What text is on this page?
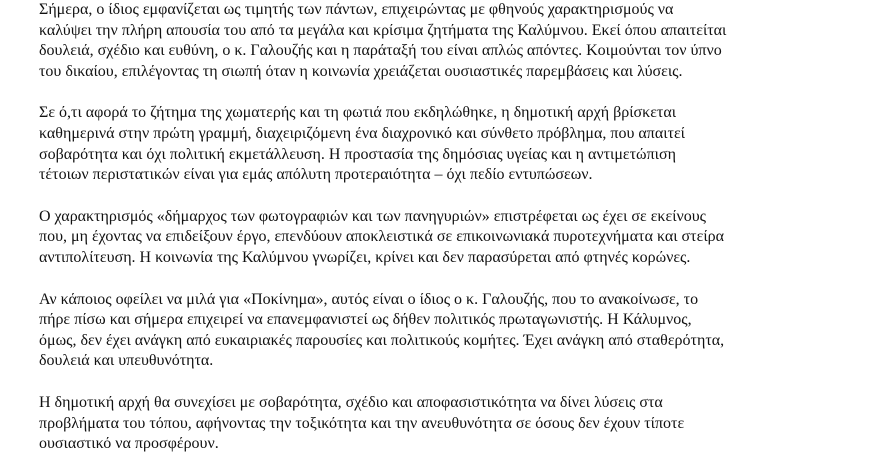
Σήμερα, ο ίδιος εμφανίζεται ως τιμητής των πάντων, επιχειρώντας με φθηνούς χαρακτηρισμούς να
καλύψει την πλήρη απουσία του από τα μεγάλα και κρίσιμα ζητήματα της Καλύμνου. Εκεί όπου απαιτείται
δουλειά, σχέδιο και ευθύνη, ο κ. Γαλουζής και η παράταξή του είναι απλώς απόντες. Κοιμούνται τον ύπνο
του δικαίου, επιλέγοντας τη σιωπή όταν η κοινωνία χρειάζεται ουσιαστικές παρεμβάσεις και λύσεις.

Σε ό,τι αφορά το ζήτημα της χωματερής και τη φωτιά που εκδηλώθηκε, η δημοτική αρχή βρίσκεται
καθημερινά στην πρώτη γραμμή, διαχειριζόμενη ένα διαχρονικό και σύνθετο πρόβλημα, που απαιτεί
σοβαρότητα και όχι πολιτική εκμετάλλευση. Η προστασία της δημόσιας υγείας και η αντιμετώπιση
τέτοιων περιστατικών είναι για εμάς απόλυτη προτεραιότητα – όχι πεδίο εντυπώσεων.

Ο χαρακτηρισμός «δήμαρχος των φωτογραφιών και των πανηγυριών» επιστρέφεται ως έχει σε εκείνους
που, μη έχοντας να επιδείξουν έργο, επενδύουν αποκλειστικά σε επικοινωνιακά πυροτεχνήματα και στείρα
αντιπολίτευση. Η κοινωνία της Καλύμνου γνωρίζει, κρίνει και δεν παρασύρεται από φτηνές κορώνες.

Αν κάποιος οφείλει να μιλά για «Ποκίνημα», αυτός είναι ο ίδιος ο κ. Γαλουζής, που το ανακοίνωσε, το
πήρε πίσω και σήμερα επιχειρεί να επανεμφανιστεί ως δήθεν πολιτικός πρωταγωνιστής. Η Κάλυμνος,
όμως, δεν έχει ανάγκη από ευκαιριακές παρουσίες και πολιτικούς κομήτες. Έχει ανάγκη από σταθερότητα,
δουλειά και υπευθυνότητα.

Η δημοτική αρχή θα συνεχίσει με σοβαρότητα, σχέδιο και αποφασιστικότητα να δίνει λύσεις στα
προβλήματα του τόπου, αφήνοντας την τοξικότητα και την ανευθυνότητα σε όσους δεν έχουν τίποτε
ουσιαστικό να προσφέρουν.
